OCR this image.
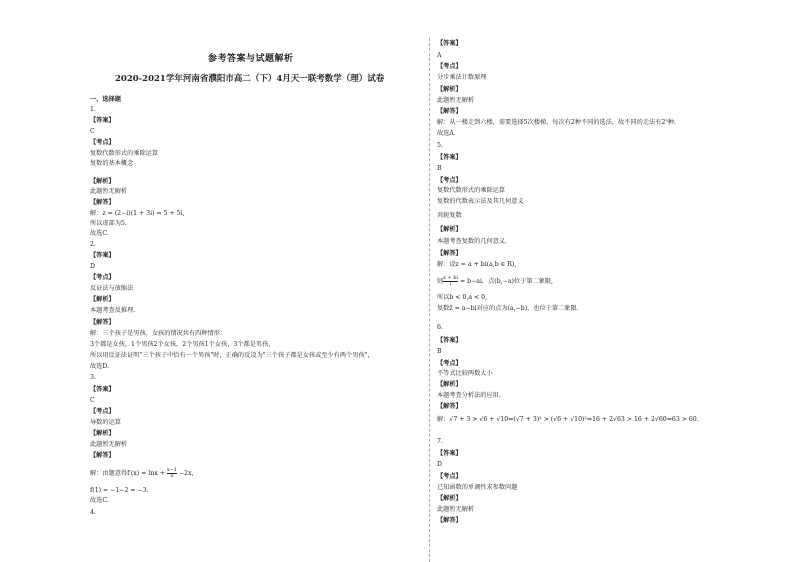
参考答案与试题解析
2020-2021学年河南省濮阳市高二（下）4月天一联考数学（理）试卷
解：由题意得$f'(x) = \ln x + \frac{x-1}{x} -2x$,
一、选择题
1.
【答案】
C
【考点】
复数代数形式的乘除运算
复数的基本概念
【解析】
此题暂无解析
【解答】
解：z = (2−i)(1 + 3i) = 5 + 5i,
所以虚部为5.
故选C.
2.
【答案】
D
【考点】
反证法与放缩法
【解析】
本题考查反推理.
【解答】
解：三个孩子是男孩、女孩的情况共有四种情形：
3个都是女孩，1个男孩2个女孩，2个男孩1个女孩，3个都是男孩，
所以用反证法证明"三个孩子中恰有一个男孩"时，正确的反设为"三个孩子都是女孩或至少有两个男孩"，
故选D.
3.
【答案】
C
【考点】
导数的运算
【解析】
此题暂无解析
【解答】
f(1) = −1−2 = −3.
故选C.
4.
则 $\frac{z + bi}{i} = b-ai$，点(b,−a)位于第二象限,
【答案】
A
【考点】
分步乘法计数原理
【解析】
此题暂无解析
【解答】
解：从一楼走到六楼，需要选择5次楼梯，每次有2种不同的选法，故不同的走法有2⁵种.
故选A.
5.
【答案】
B
【考点】
复数代数形式的乘除运算
复数的代数表示法及其几何意义
共轭复数
【解析】
本题考查复数的几何意义.
【解答】
解：设z = a + bi(a,b ∈ R),
所以b < 0,a < 0,
复数z̄ = a−bi对应的点为(a,−b)，也位于第二象限.
6.
【答案】
B
【考点】
不等式比较两数大小
【解析】
本题考查分析法的应用.
【解答】
解：√7 + 3 > √6 + √10⇔(√7 + 3)² > (√6 + √10)²⇔16 + 2√63 > 16 + 2√60⇔63 > 60.
7.
【答案】
D
【考点】
已知函数的单调性求参数问题
【解析】
此题暂无解析
【解答】
